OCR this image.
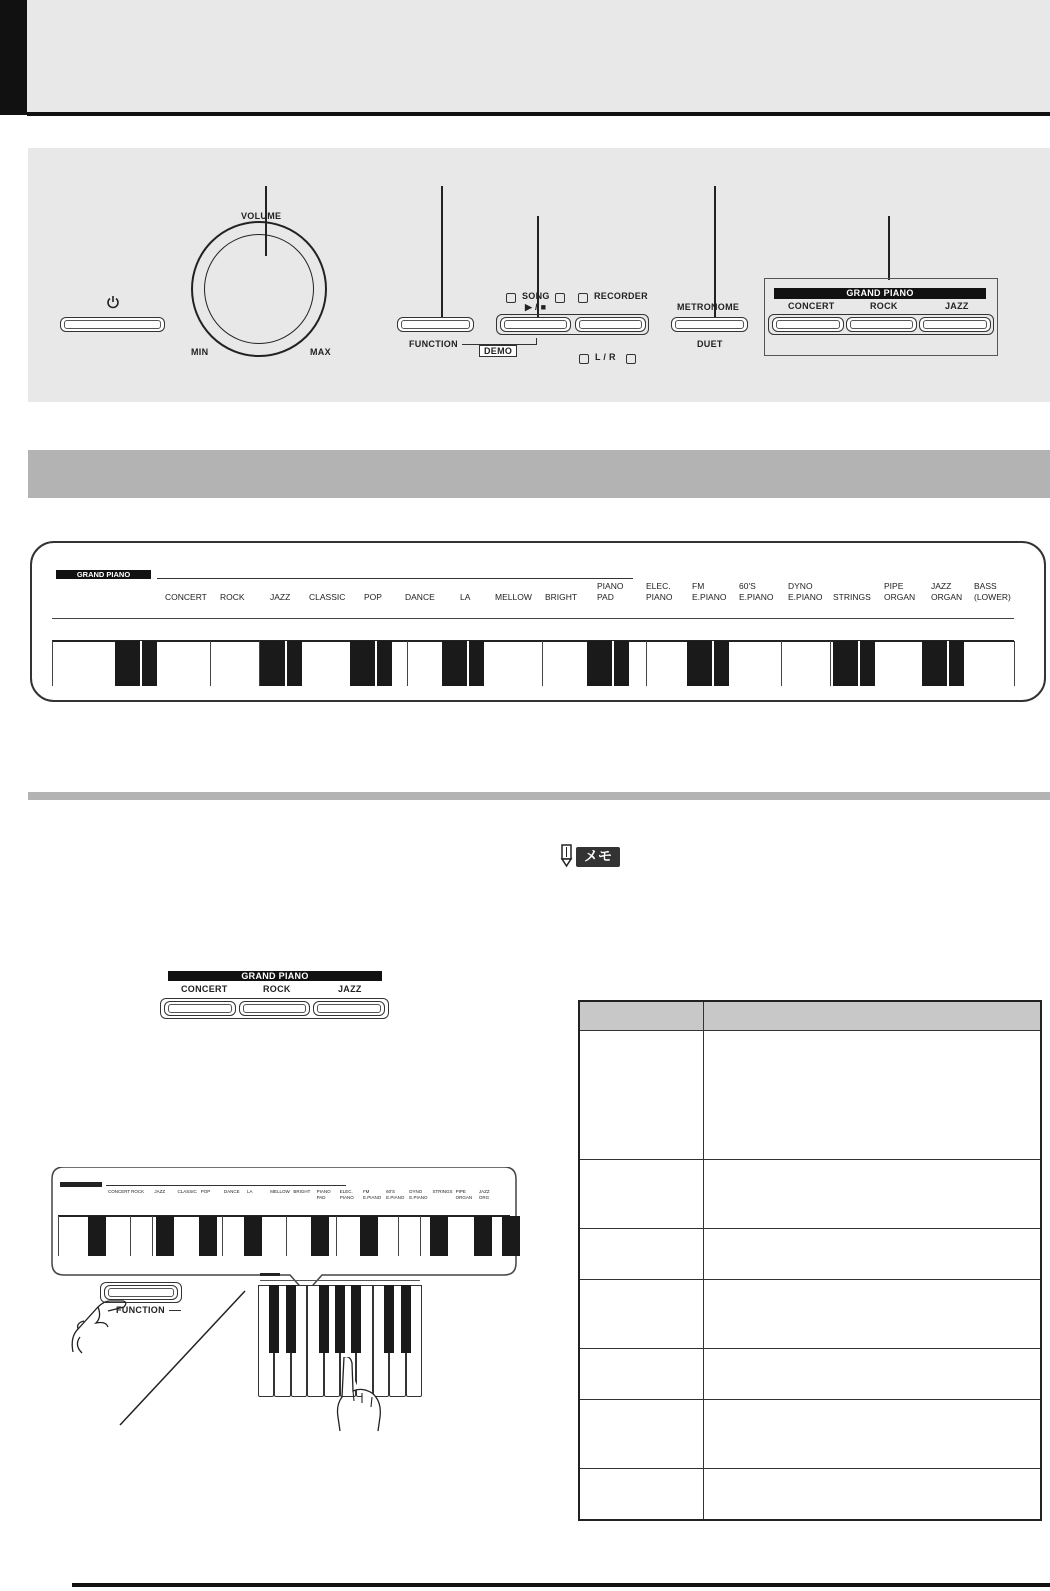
VOLUME
MIN	MAX
FUNCTION
DEMO
SONG
▶ / ■
RECORDER
L / R
METRONOME
DUET
GRAND PIANO
CONCERT	ROCK	JAZZ
GRAND PIANO

CONCERT
ROCK
	JAZZ
CLASSIC
POP
	DANCE
	LA
	MELLOW
BRIGHT
PIANO
PAD
ELEC.
PIANO
FM
E.PIANO
60'S
E.PIANO
DYNO
E.PIANO
STRINGS
PIPE
ORGAN
JAZZ
ORGAN
BASS
(LOWER)
メモ
GRAND PIANO
CONCERT	ROCK	JAZZ
CONCERT ROCK	JAZZ	CLASSIC POP	DANCE	LA	MELLOW BRIGHT	PIANO PAD
ELEC. PIANO
FM E.PIANO
60'S E.PIANO
DYNO E.PIANO
STRINGS PIPE ORGAN
JAZZ ORG
FUNCTION
